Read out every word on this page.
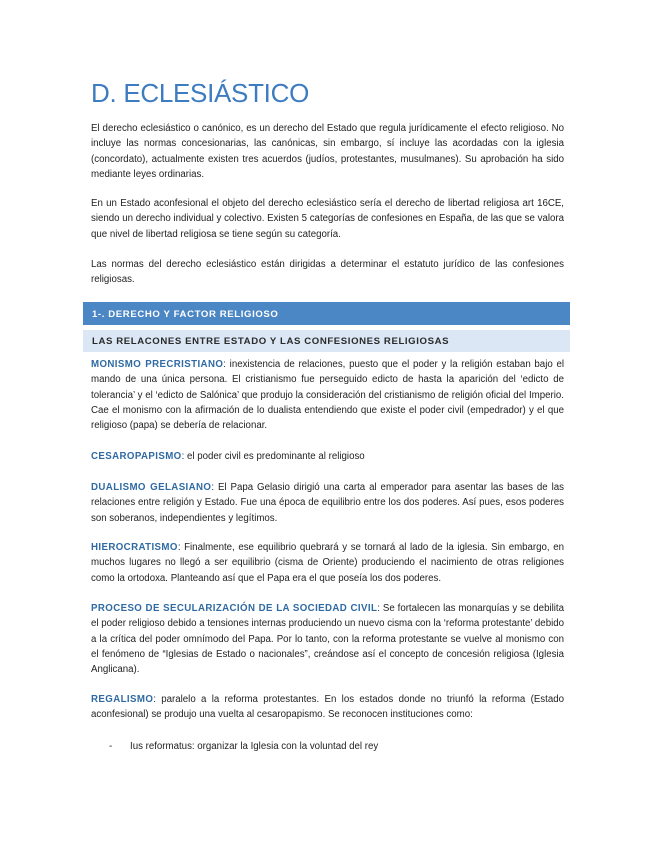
D. ECLESIÁSTICO

El derecho eclesiástico o canónico, es un derecho del Estado que regula jurídicamente el efecto religioso. No incluye las normas concesionarias, las canónicas, sin embargo, sí incluye las acordadas con la iglesia (concordato), actualmente existen tres acuerdos (judíos, protestantes, musulmanes). Su aprobación ha sido mediante leyes ordinarias.

En un Estado aconfesional el objeto del derecho eclesiástico sería el derecho de libertad religiosa art 16CE, siendo un derecho individual y colectivo. Existen 5 categorías de confesiones en España, de las que se valora que nivel de libertad religiosa se tiene según su categoría.

Las normas del derecho eclesiástico están dirigidas a determinar el estatuto jurídico de las confesiones religiosas.

1-. DERECHO Y FACTOR RELIGIOSO
LAS RELACONES ENTRE ESTADO Y LAS CONFESIONES RELIGIOSAS

MONISMO PRECRISTIANO: inexistencia de relaciones, puesto que el poder y la religión estaban bajo el mando de una única persona. El cristianismo fue perseguido edicto de hasta la aparición del ‘edicto de tolerancia’ y el ‘edicto de Salónica’ que produjo la consideración del cristianismo de religión oficial del Imperio. Cae el monismo con la afirmación de lo dualista entendiendo que existe el poder civil (empedrador) y el que religioso (papa) se debería de relacionar.

CESAROPAPISMO: el poder civil es predominante al religioso

DUALISMO GELASIANO: El Papa Gelasio dirigió una carta al emperador para asentar las bases de las relaciones entre religión y Estado. Fue una época de equilibrio entre los dos poderes. Así pues, esos poderes son soberanos, independientes y legítimos.

HIEROCRATISMO: Finalmente, ese equilibrio quebrará y se tornará al lado de la iglesia. Sin embargo, en muchos lugares no llegó a ser equilibrio (cisma de Oriente) produciendo el nacimiento de otras religiones como la ortodoxa. Planteando así que el Papa era el que poseía los dos poderes.

PROCESO DE SECULARIZACIÓN DE LA SOCIEDAD CIVIL: Se fortalecen las monarquías y se debilita el poder religioso debido a tensiones internas produciendo un nuevo cisma con la ‘reforma protestante’ debido a la crítica del poder omnímodo del Papa. Por lo tanto, con la reforma protestante se vuelve al monismo con el fenómeno de “Iglesias de Estado o nacionales”, creándose así el concepto de concesión religiosa (Iglesia Anglicana).

REGALISMO: paralelo a la reforma protestantes. En los estados donde no triunfó la reforma (Estado aconfesional) se produjo una vuelta al cesaropapismo. Se reconocen instituciones como:

- Ius reformatus: organizar la Iglesia con la voluntad del rey
